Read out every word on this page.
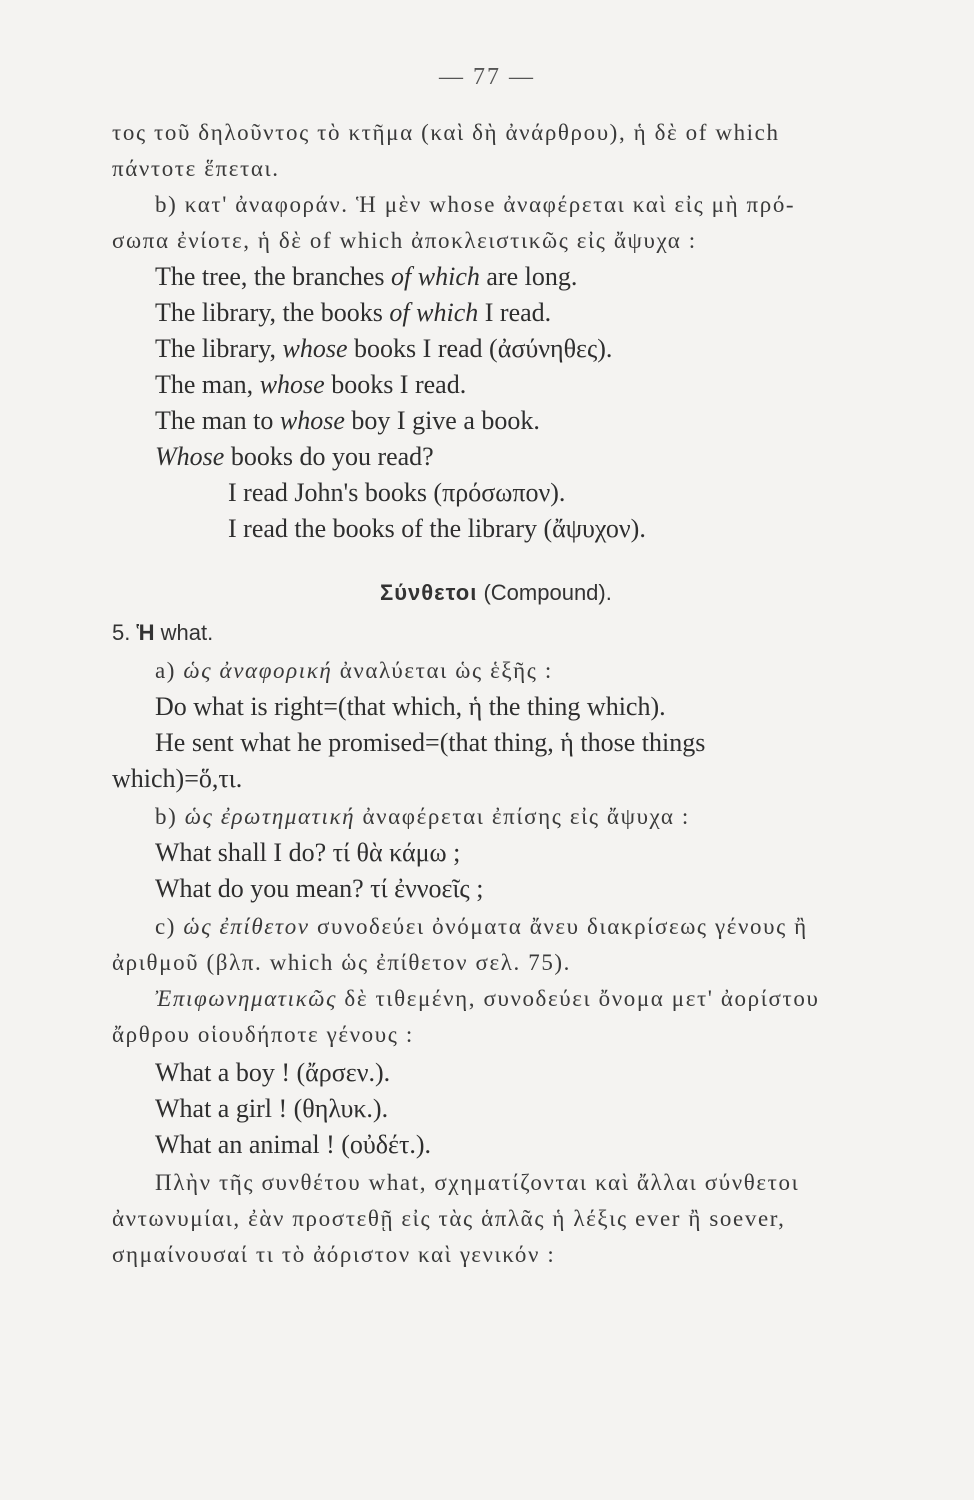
— 77 —
τος τοῦ δηλοῦντος τὸ κτῆμα (καὶ δὴ ἀνάρθρου), ἡ δὲ of which
πάντοτε ἕπεται.
b) κατ' ἀναφοράν. Ἡ μὲν whose ἀναφέρεται καὶ εἰς μὴ πρό-
σωπα ἐνίοτε, ἡ δὲ of which ἀποκλειστικῶς εἰς ἄψυχα :
The tree, the branches of which are long.
The library, the books of which I read.
The library, whose books I read (ἀσύνηθες).
The man, whose books I read.
The man to whose boy I give a book.
Whose books do you read?
I read John's books (πρόσωπον).
I read the books of the library (ἄψυχον).
Σύνθετοι (Compound).
5. Ἡ what.
a) ὡς ἀναφορική ἀναλύεται ὡς ἑξῆς :
Do what is right=(that which, ἡ the thing which).
He sent what he promised=(that thing, ἡ those things
which)=ὅ,τι.
b) ὡς ἐρωτηματική ἀναφέρεται ἐπίσης εἰς ἄψυχα :
What shall I do? τί θὰ κάμω ;
What do you mean? τί ἐννοεῖς ;
c) ὡς ἐπίθετον συνοδεύει ὀνόματα ἄνευ διακρίσεως γένους ἢ
ἀριθμοῦ (βλπ. which ὡς ἐπίθετον σελ. 75).
Ἐπιφωνηματικῶς δὲ τιθεμένη, συνοδεύει ὄνομα μετ' ἀορίστου
ἄρθρου οἱουδήποτε γένους :
What a boy ! (ἄρσεν.).
What a girl ! (θηλυκ.).
What an animal ! (οὐδέτ.).
Πλὴν τῆς συνθέτου what, σχηματίζονται καὶ ἄλλαι σύνθετοι
ἀντωνυμίαι, ἐὰν προστεθῇ εἰς τὰς ἁπλᾶς ἡ λέξις ever ἢ soever,
σημαίνουσαί τι τὸ ἀόριστον καὶ γενικόν :
